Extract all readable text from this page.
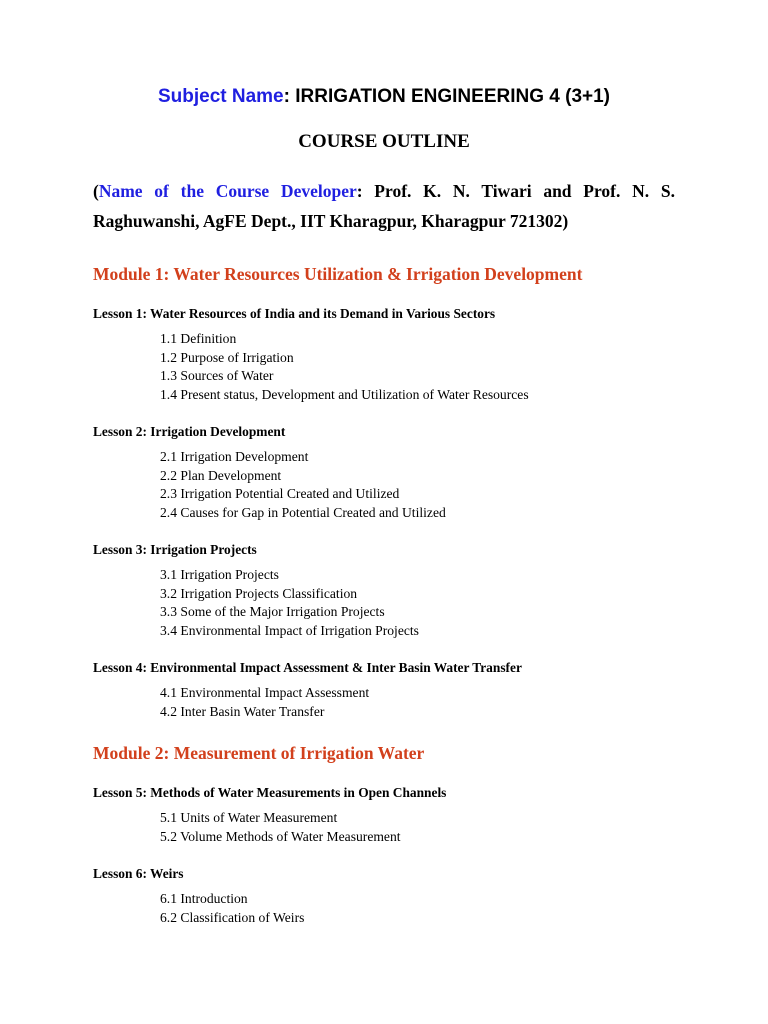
Subject Name: IRRIGATION ENGINEERING 4 (3+1)
COURSE OUTLINE
(Name of the Course Developer: Prof. K. N. Tiwari and Prof. N. S. Raghuwanshi, AgFE Dept., IIT Kharagpur, Kharagpur 721302)
Module 1: Water Resources Utilization & Irrigation Development
Lesson 1: Water Resources of India and its Demand in Various Sectors
1.1 Definition
1.2 Purpose of Irrigation
1.3 Sources of Water
1.4 Present status, Development and Utilization of Water Resources
Lesson 2: Irrigation Development
2.1 Irrigation Development
2.2 Plan Development
2.3 Irrigation Potential Created and Utilized
2.4 Causes for Gap in Potential Created and Utilized
Lesson 3: Irrigation Projects
3.1 Irrigation Projects
3.2 Irrigation Projects Classification
3.3 Some of the Major Irrigation Projects
3.4 Environmental Impact of Irrigation Projects
Lesson 4: Environmental Impact Assessment & Inter Basin Water Transfer
4.1 Environmental Impact Assessment
4.2 Inter Basin Water Transfer
Module 2: Measurement of Irrigation Water
Lesson 5: Methods of Water Measurements in Open Channels
5.1 Units of Water Measurement
5.2 Volume Methods of Water Measurement
Lesson 6: Weirs
6.1 Introduction
6.2 Classification of Weirs
